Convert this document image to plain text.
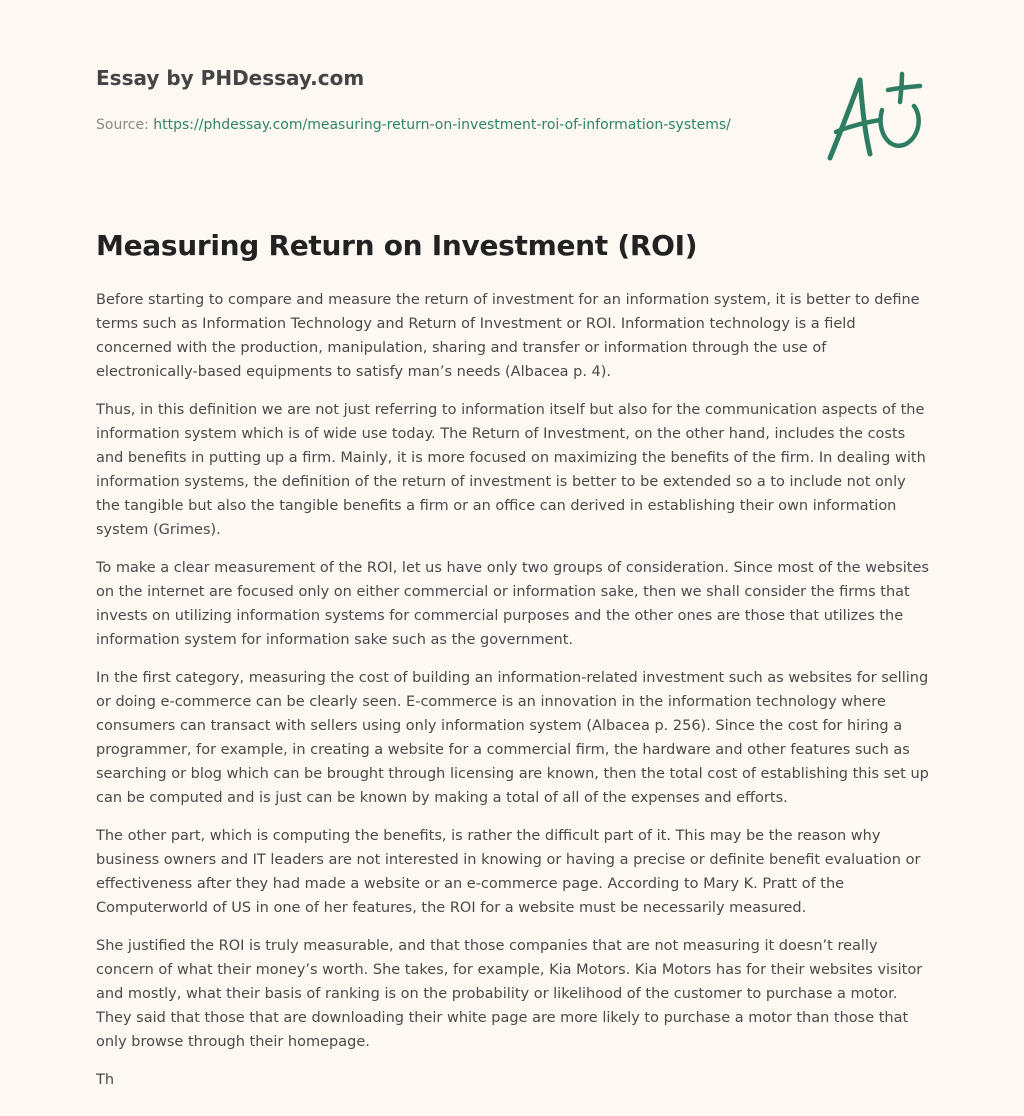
Essay by PHDessay.com
Source: https://phdessay.com/measuring-return-on-investment-roi-of-information-systems/
Measuring Return on Investment (ROI)

Before starting to compare and measure the return of investment for an information system, it is better to define terms such as Information Technology and Return of Investment or ROI. Information technology is a field concerned with the production, manipulation, sharing and transfer or information through the use of electronically-based equipments to satisfy man’s needs (Albacea p. 4).

Thus, in this definition we are not just referring to information itself but also for the communication aspects of the information system which is of wide use today. The Return of Investment, on the other hand, includes the costs and benefits in putting up a firm. Mainly, it is more focused on maximizing the benefits of the firm. In dealing with information systems, the definition of the return of investment is better to be extended so a to include not only the tangible but also the tangible benefits a firm or an office can derived in establishing their own information system (Grimes).

To make a clear measurement of the ROI, let us have only two groups of consideration. Since most of the websites on the internet are focused only on either commercial or information sake, then we shall consider the firms that invests on utilizing information systems for commercial purposes and the other ones are those that utilizes the information system for information sake such as the government.

In the first category, measuring the cost of building an information-related investment such as websites for selling or doing e-commerce can be clearly seen. E-commerce is an innovation in the information technology where consumers can transact with sellers using only information system (Albacea p. 256). Since the cost for hiring a programmer, for example, in creating a website for a commercial firm, the hardware and other features such as searching or blog which can be brought through licensing are known, then the total cost of establishing this set up can be computed and is just can be known by making a total of all of the expenses and efforts.

The other part, which is computing the benefits, is rather the difficult part of it. This may be the reason why business owners and IT leaders are not interested in knowing or having a precise or definite benefit evaluation or effectiveness after they had made a website or an e-commerce page. According to Mary K. Pratt of the Computerworld of US in one of her features, the ROI for a website must be necessarily measured.

She justified the ROI is truly measurable, and that those companies that are not measuring it doesn’t really concern of what their money’s worth. She takes, for example, Kia Motors. Kia Motors has for their websites visitor and mostly, what their basis of ranking is on the probability or likelihood of the customer to purchase a motor. They said that those that are downloading their white page are more likely to purchase a motor than those that only browse through their homepage.

Th
